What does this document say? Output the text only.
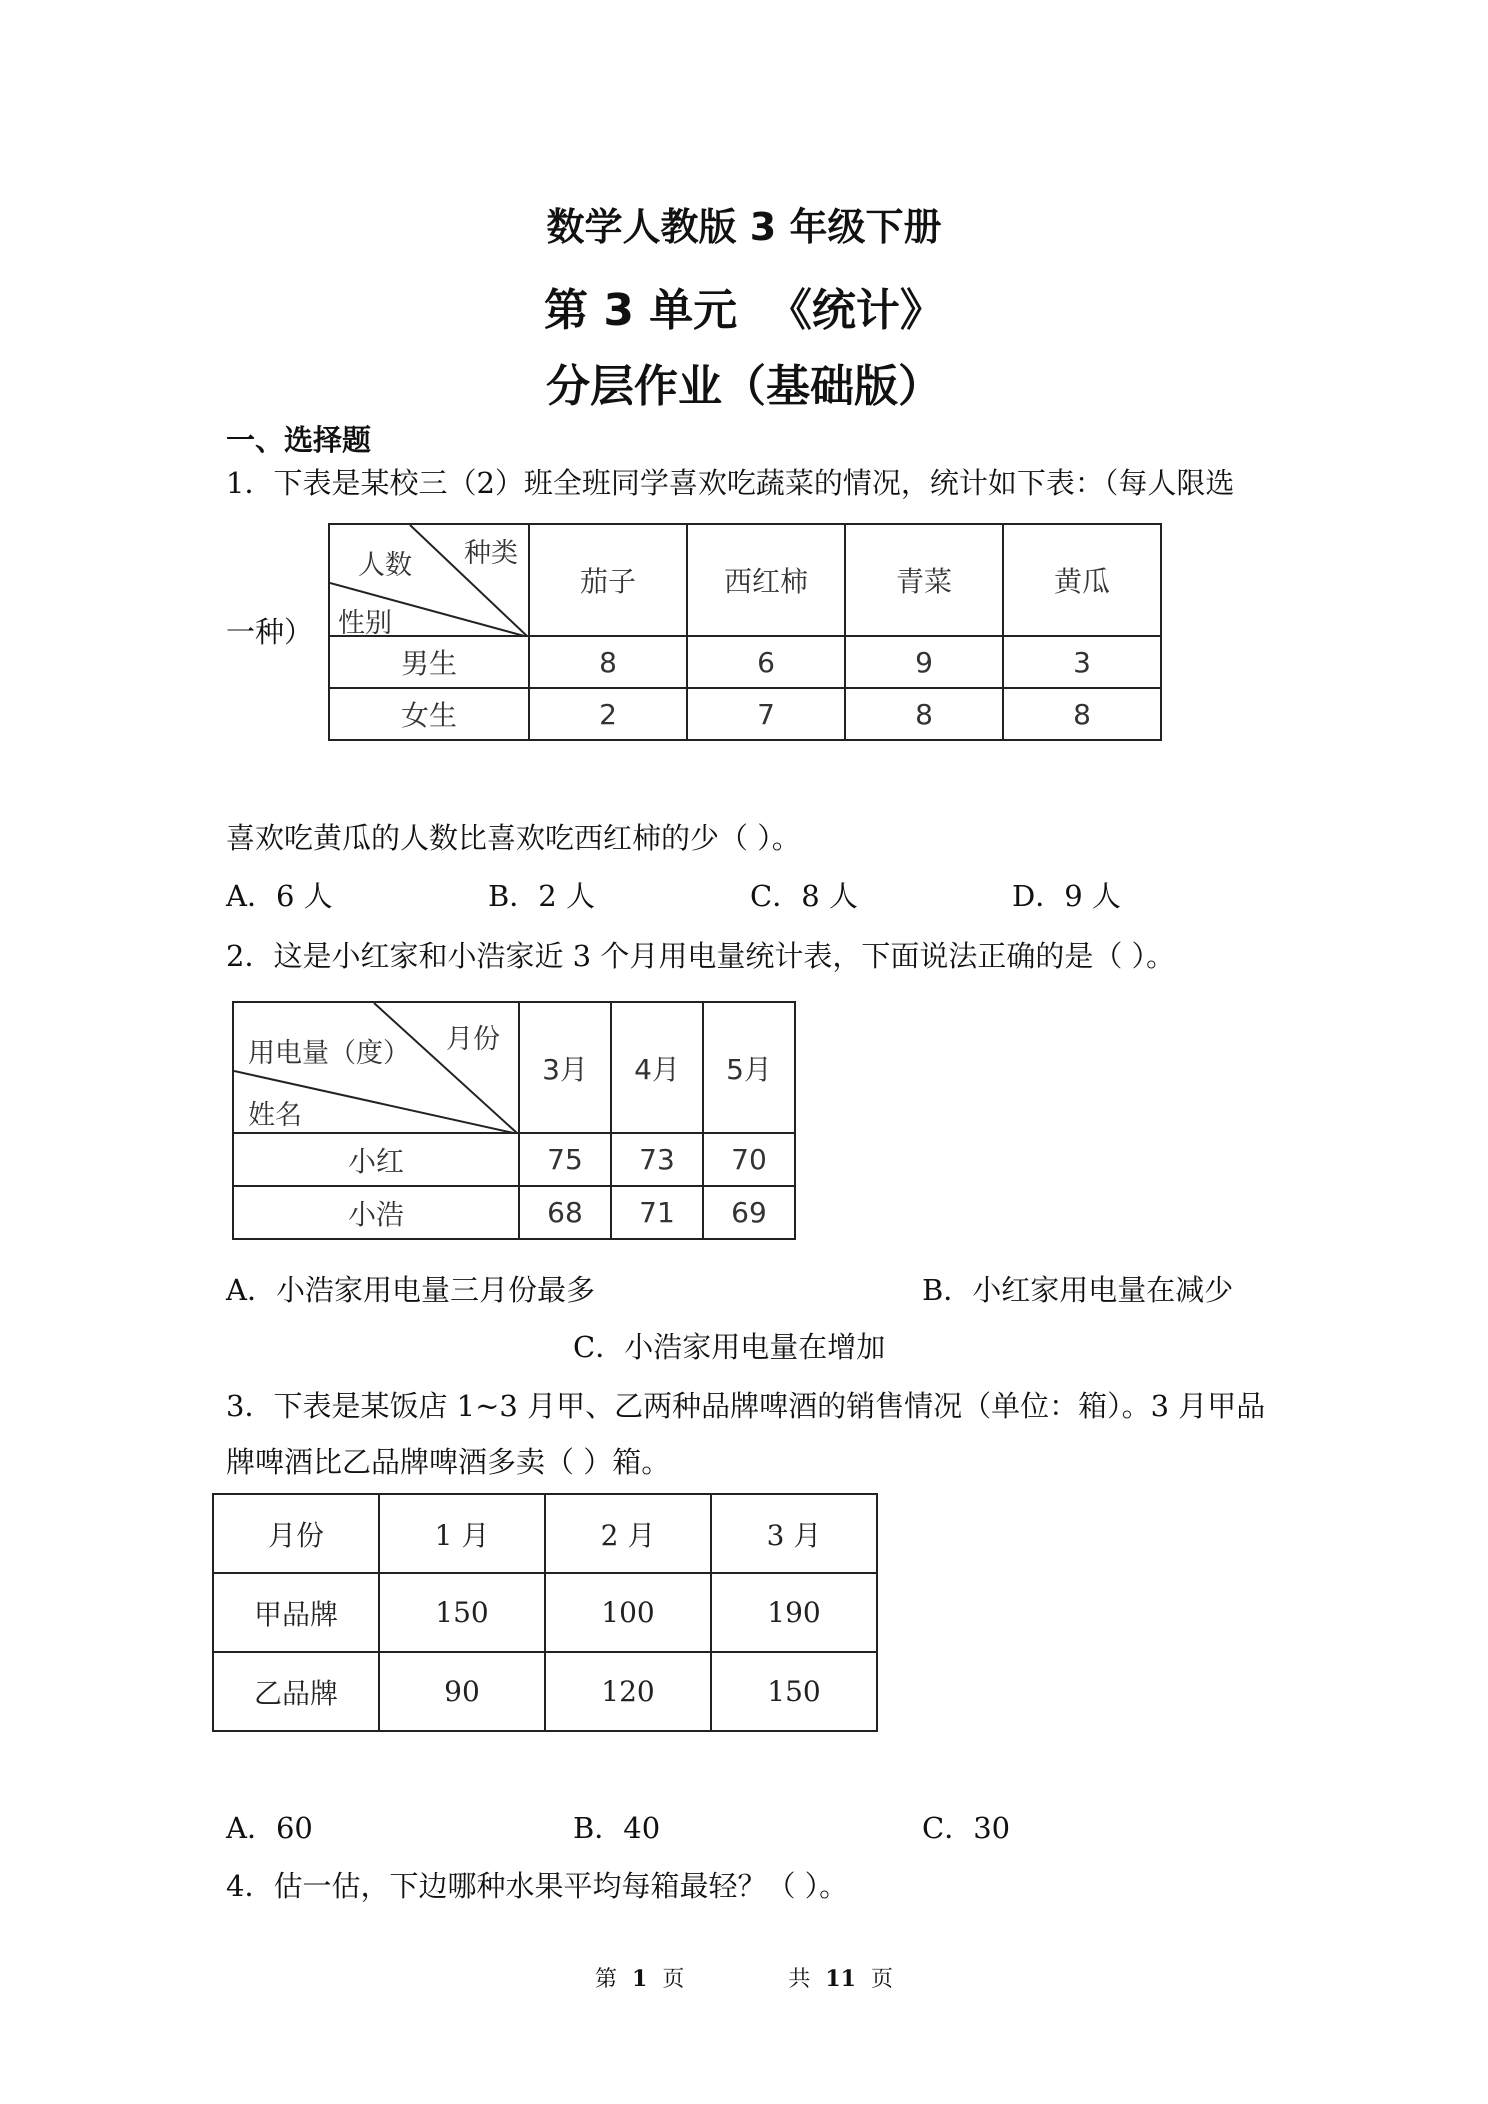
数学人教版 3 年级下册
第 3 单元  《统计》
分层作业（基础版）
一、选择题
1．下表是某校三（2）班全班同学喜欢吃蔬菜的情况，统计如下表：（每人限选
一种）
种类
人数
性别	茄子	西红柿	青菜	黄瓜
男生	8	6	9	3
女生	2	7	8	8
喜欢吃黄瓜的人数比喜欢吃西红柿的少（ ）。
A．6 人	B．2 人	C．8 人	D．9 人
2．这是小红家和小浩家近 3 个月用电量统计表，下面说法正确的是（ ）。
月份
用电量（度）
姓名	3月	4月	5月
小红	75	73	70
小浩	68	71	69
A．小浩家用电量三月份最多	B．小红家用电量在减少
C．小浩家用电量在增加
3．下表是某饭店 1~3 月甲、乙两种品牌啤酒的销售情况（单位：箱）。3 月甲品
牌啤酒比乙品牌啤酒多卖（ ）箱。
月份	1 月	2 月	3 月
甲品牌	150	100	190
乙品牌	90	120	150
A．60	B．40	C．30
4．估一估，下边哪种水果平均每箱最轻？（ ）。
第 1 页	共 11 页
